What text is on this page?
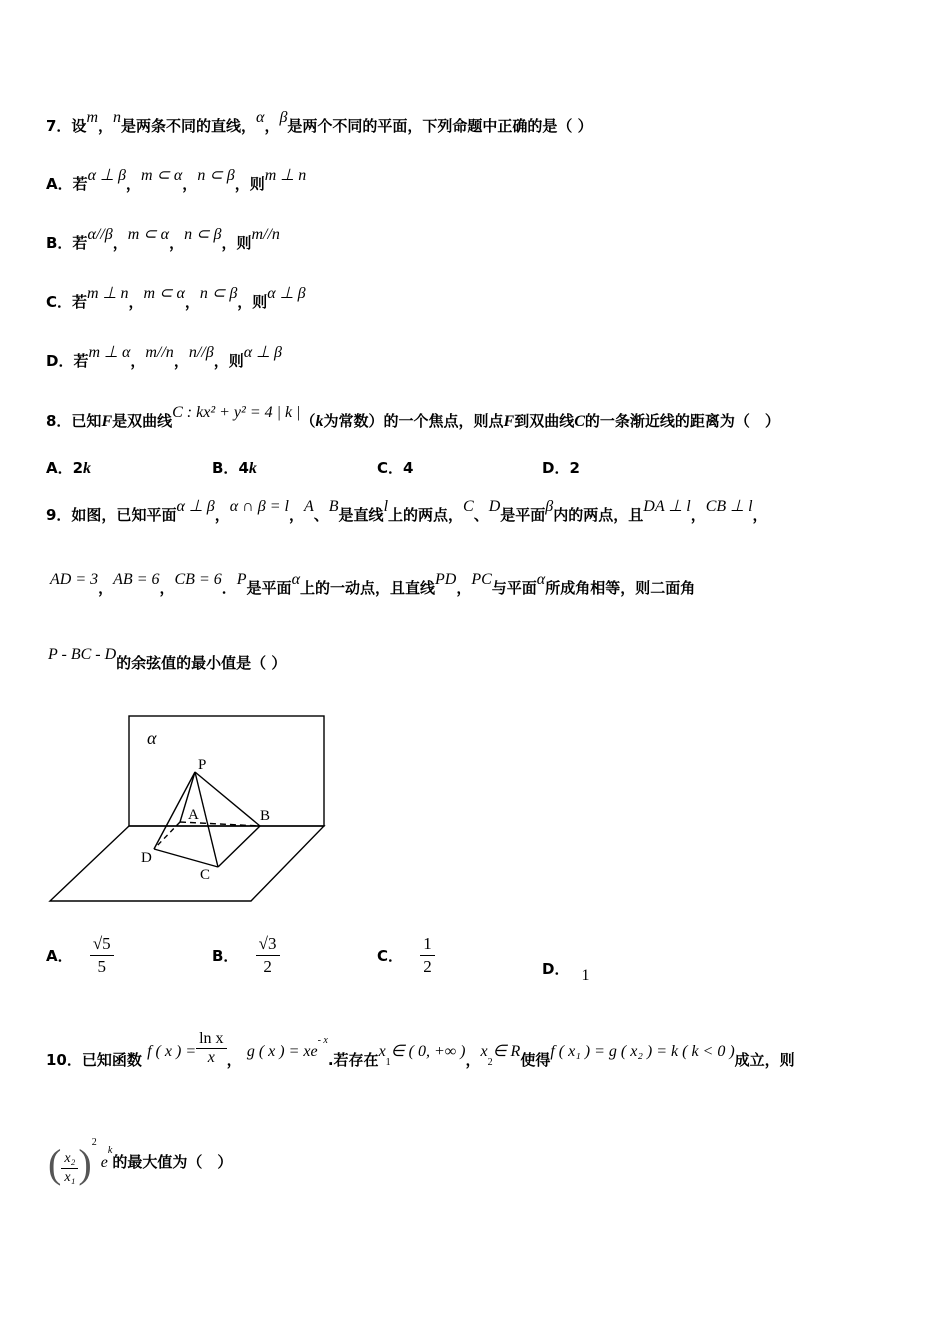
7．设m，n是两条不同的直线，α，β是两个不同的平面，下列命题中正确的是（ ）
A．若α ⊥ β，m ⊂ α，n ⊂ β，则m ⊥ n
B．若α//β，m ⊂ α，n ⊂ β，则m//n
C．若m ⊥ n，m ⊂ α，n ⊂ β，则α ⊥ β
D．若m ⊥ α，m//n，n//β，则α ⊥ β
8．已知F是双曲线C : kx² + y² = 4 | k |（k为常数）的一个焦点，则点F到双曲线C的一条渐近线的距离为（　）
A．2k	B．4k	C．4	D．2
9．如图，已知平面α ⊥ β，α ∩ β = l，A、B是直线l上的两点，C、D是平面β内的两点，且DA ⊥ l，CB ⊥ l，
AD = 3，AB = 6，CB = 6．P是平面α上的一动点，且直线PD，PC与平面α所成角相等，则二面角
P - BC - D的余弦值的最小值是（ ）
α
P
A	B
D
C
A． $\frac{√5}{5}$	B． $\frac{√3}{2}$	C． $\frac{1}{2}$	D． 1
10．已知函数 f ( x ) = $\frac{\text{ln x}}{x}$ ， g ( x ) = $xe^{- x}$.若存在$x_1\in$ ( 0, +∞ )，$x_2\in$ R使得f ( x₁ ) = g ( x₂ ) = k ( k < 0 )成立，则
( $\frac{\text{x₂}}{\text{x₁}} )^2e^k$的最大值为（　）
